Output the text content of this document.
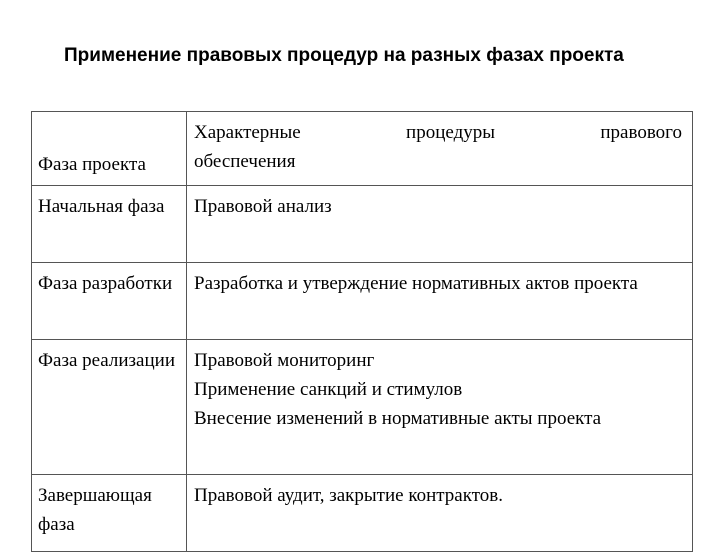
Применение правовых процедур на разных фазах проекта

Фаза проекта	Характерные процедуры правового
обеспечения

Начальная фаза	Правовой анализ

Фаза разработки	Разработка и утверждение нормативных актов проекта

Фаза реализации	Правовой мониторинг
Применение санкций и стимулов
Внесение изменений в нормативные акты проекта

Завершающая фаза	Правовой аудит, закрытие контрактов.
